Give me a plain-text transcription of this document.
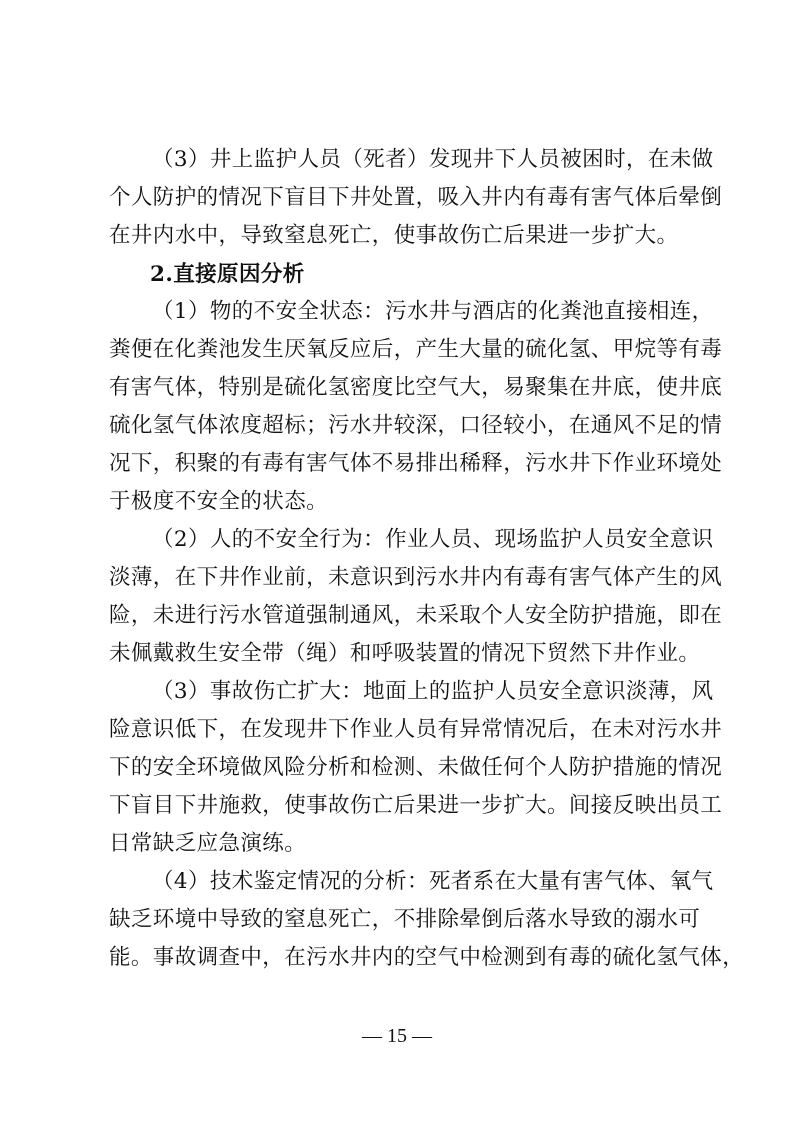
（3）井上监护人员（死者）发现井下人员被困时，在未做
个人防护的情况下盲目下井处置，吸入井内有毒有害气体后晕倒
在井内水中，导致窒息死亡，使事故伤亡后果进一步扩大。
2.直接原因分析
（1）物的不安全状态：污水井与酒店的化粪池直接相连，
粪便在化粪池发生厌氧反应后，产生大量的硫化氢、甲烷等有毒
有害气体，特别是硫化氢密度比空气大，易聚集在井底，使井底
硫化氢气体浓度超标；污水井较深，口径较小，在通风不足的情
况下，积聚的有毒有害气体不易排出稀释，污水井下作业环境处
于极度不安全的状态。
（2）人的不安全行为：作业人员、现场监护人员安全意识
淡薄，在下井作业前，未意识到污水井内有毒有害气体产生的风
险，未进行污水管道强制通风，未采取个人安全防护措施，即在
未佩戴救生安全带（绳）和呼吸装置的情况下贸然下井作业。
（3）事故伤亡扩大：地面上的监护人员安全意识淡薄，风
险意识低下，在发现井下作业人员有异常情况后，在未对污水井
下的安全环境做风险分析和检测、未做任何个人防护措施的情况
下盲目下井施救，使事故伤亡后果进一步扩大。间接反映出员工
日常缺乏应急演练。
（4）技术鉴定情况的分析：死者系在大量有害气体、氧气
缺乏环境中导致的窒息死亡，不排除晕倒后落水导致的溺水可
能。事故调查中，在污水井内的空气中检测到有毒的硫化氢气体，
— 15 —
